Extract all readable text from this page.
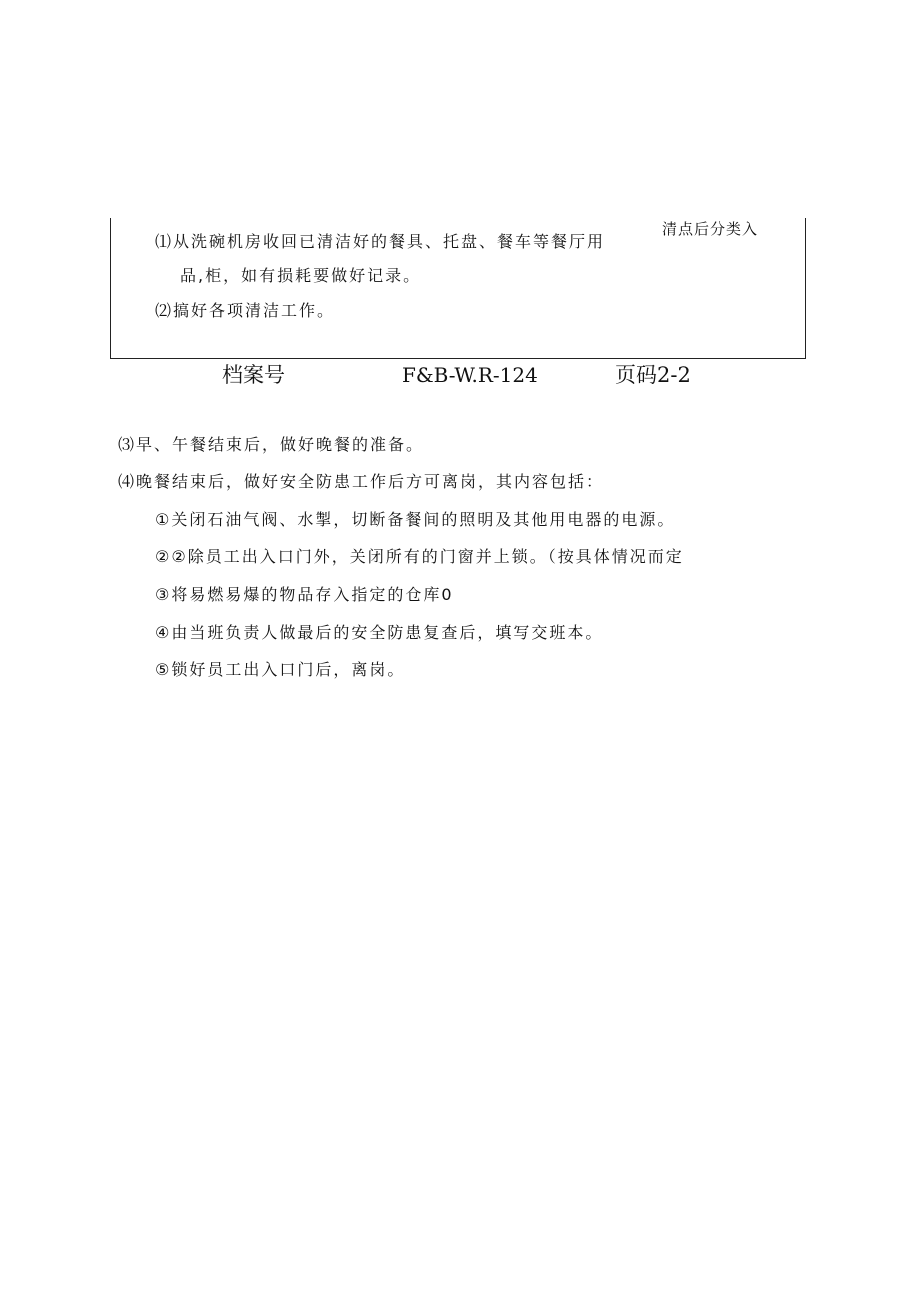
⑴从洗碗机房收回已清洁好的餐具、托盘、餐车等餐厅用
品,柜，如有损耗要做好记录。
⑵搞好各项清洁工作。
清点后分类入
档案号	F&B-W.R-124	页码2-2
⑶早、午餐结束后，做好晚餐的准备。
⑷晚餐结束后，做好安全防患工作后方可离岗，其内容包括：
①关闭石油气阀、水掣，切断备餐间的照明及其他用电器的电源。
②②除员工出入口门外，关闭所有的门窗并上锁。（按具体情况而定
③将易燃易爆的物品存入指定的仓库0
④由当班负责人做最后的安全防患复查后，填写交班本。
⑤锁好员工出入口门后，离岗。
